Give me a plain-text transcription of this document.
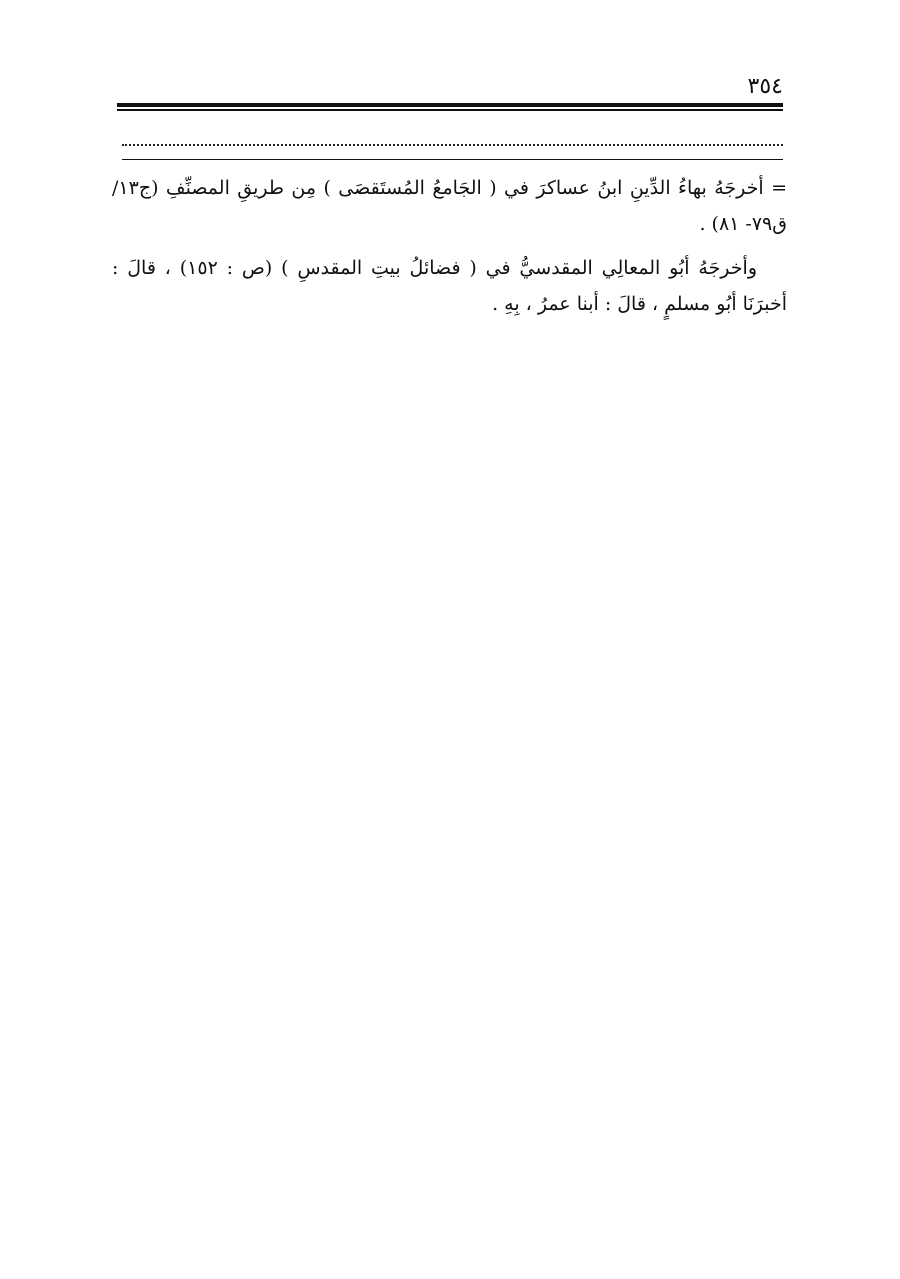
٣٥٤

= أخرجَهُ بهاءُ الدِّينِ ابنُ عساكرَ في ( الجَامعُ المُستَقصَى ) مِن طريقِ المصنِّفِ (ج١٣/ ق٧٩- ٨١) .

وأخرجَهُ أبُو المعالِي المقدسيُّ في ( فضائلُ بيتِ المقدسِ ) (ص : ١٥٢) ، قالَ : أخبرَنَا أبُو مسلمٍ ، قالَ : أبنا عمرُ ، بِهِ .
